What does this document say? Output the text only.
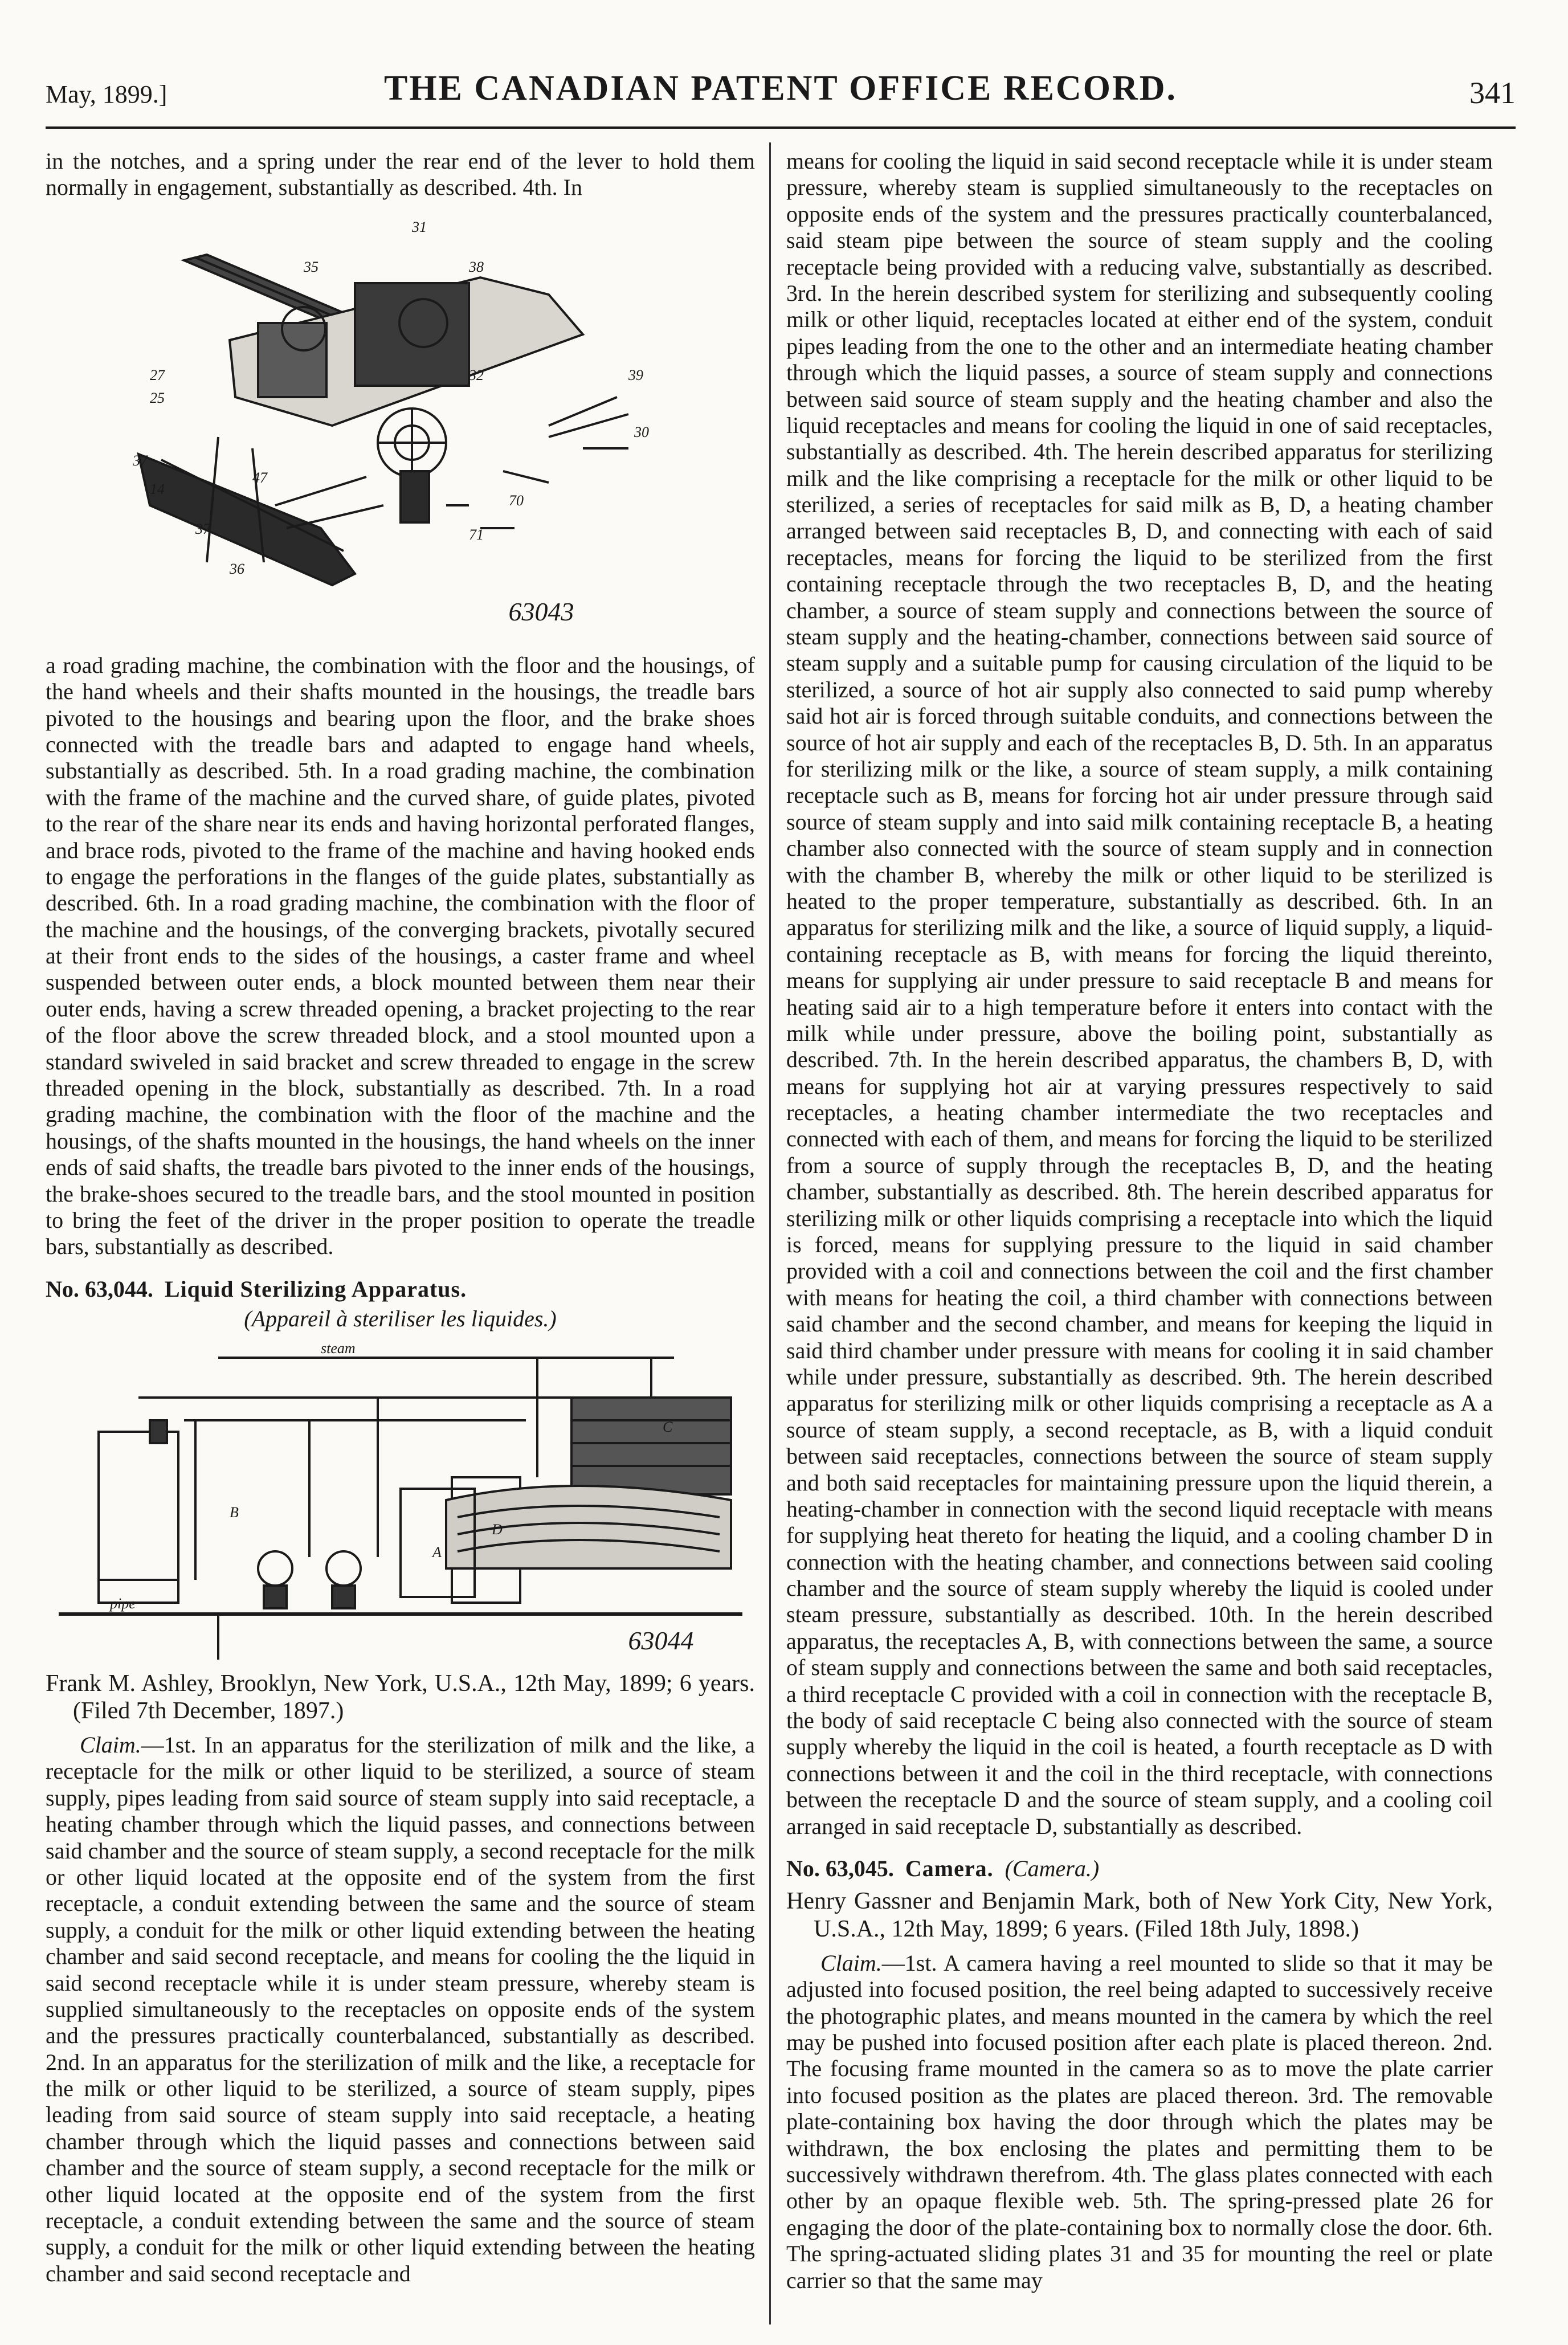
May, 1899.]	THE CANADIAN PATENT OFFICE RECORD.	341

in the notches, and a spring under the rear end of the lever to hold them normally in engagement, substantially as described. 4th. In

31
35	38
27
25
37
14
37
36
39
30
32
70
71
47
63043

a road grading machine, the combination with the floor and the housings, of the hand wheels and their shafts mounted in the housings, the treadle bars pivoted to the housings and bearing upon the floor, and the brake shoes connected with the treadle bars and adapted to engage hand wheels, substantially as described. 5th. In a road grading machine, the combination with the frame of the machine and the curved share, of guide plates, pivoted to the rear of the share near its ends and having horizontal perforated flanges, and brace rods, pivoted to the frame of the machine and having hooked ends to engage the perforations in the flanges of the guide plates, substantially as described. 6th. In a road grading machine, the combination with the floor of the machine and the housings, of the converging brackets, pivotally secured at their front ends to the sides of the housings, a caster frame and wheel suspended between outer ends, a block mounted between them near their outer ends, having a screw threaded opening, a bracket projecting to the rear of the floor above the screw threaded block, and a stool mounted upon a standard swiveled in said bracket and screw threaded to engage in the screw threaded opening in the block, substantially as described. 7th. In a road grading machine, the combination with the floor of the machine and the housings, of the shafts mounted in the housings, the hand wheels on the inner ends of said shafts, the treadle bars pivoted to the inner ends of the housings, the brake-shoes secured to the treadle bars, and the stool mounted in position to bring the feet of the driver in the proper position to operate the treadle bars, substantially as described.

No. 63,044. Liquid Sterilizing Apparatus.
(Appareil à steriliser les liquides.)
A
steam
D
C
B
pipe
63044

Frank M. Ashley, Brooklyn, New York, U.S.A., 12th May, 1899; 6 years. (Filed 7th December, 1897.)

Claim.—1st. In an apparatus for the sterilization of milk and the like, a receptacle for the milk or other liquid to be sterilized, a source of steam supply, pipes leading from said source of steam supply into said receptacle, a heating chamber through which the liquid passes, and connections between said chamber and the source of steam supply, a second receptacle for the milk or other liquid located at the opposite end of the system from the first receptacle, a conduit extending between the same and the source of steam supply, a conduit for the milk or other liquid extending between the heating chamber and said second receptacle, and means for cooling the the liquid in said second receptacle while it is under steam pressure, whereby steam is supplied simultaneously to the receptacles on opposite ends of the system and the pressures practically counterbalanced, substantially as described. 2nd. In an apparatus for the sterilization of milk and the like, a receptacle for the milk or other liquid to be sterilized, a source of steam supply, pipes leading from said source of steam supply into said receptacle, a heating chamber through which the liquid passes and connections between said chamber and the source of steam supply, a second receptacle for the milk or other liquid located at the opposite end of the system from the first receptacle, a conduit extending between the same and the source of steam supply, a conduit for the milk or other liquid extending between the heating chamber and said second receptacle and

means for cooling the liquid in said second receptacle while it is under steam pressure, whereby steam is supplied simultaneously to the receptacles on opposite ends of the system and the pressures practically counterbalanced, said steam pipe between the source of steam supply and the cooling receptacle being provided with a reducing valve, substantially as described. 3rd. In the herein described system for sterilizing and subsequently cooling milk or other liquid, receptacles located at either end of the system, conduit pipes leading from the one to the other and an intermediate heating chamber through which the liquid passes, a source of steam supply and connections between said source of steam supply and the heating chamber and also the liquid receptacles and means for cooling the liquid in one of said receptacles, substantially as described. 4th. The herein described apparatus for sterilizing milk and the like comprising a receptacle for the milk or other liquid to be sterilized, a series of receptacles for said milk as B, D, a heating chamber arranged between said receptacles B, D, and connecting with each of said receptacles, means for forcing the liquid to be sterilized from the first containing receptacle through the two receptacles B, D, and the heating chamber, a source of steam supply and connections between the source of steam supply and the heating-chamber, connections between said source of steam supply and a suitable pump for causing circulation of the liquid to be sterilized, a source of hot air supply also connected to said pump whereby said hot air is forced through suitable conduits, and connections between the source of hot air supply and each of the receptacles B, D. 5th. In an apparatus for sterilizing milk or the like, a source of steam supply, a milk containing receptacle such as B, means for forcing hot air under pressure through said source of steam supply and into said milk containing receptacle B, a heating chamber also connected with the source of steam supply and in connection with the chamber B, whereby the milk or other liquid to be sterilized is heated to the proper temperature, substantially as described. 6th. In an apparatus for sterilizing milk and the like, a source of liquid supply, a liquid-containing receptacle as B, with means for forcing the liquid thereinto, means for supplying air under pressure to said receptacle B and means for heating said air to a high temperature before it enters into contact with the milk while under pressure, above the boiling point, substantially as described. 7th. In the herein described apparatus, the chambers B, D, with means for supplying hot air at varying pressures respectively to said receptacles, a heating chamber intermediate the two receptacles and connected with each of them, and means for forcing the liquid to be sterilized from a source of supply through the receptacles B, D, and the heating chamber, substantially as described. 8th. The herein described apparatus for sterilizing milk or other liquids comprising a receptacle into which the liquid is forced, means for supplying pressure to the liquid in said chamber provided with a coil and connections between the coil and the first chamber with means for heating the coil, a third chamber with connections between said chamber and the second chamber, and means for keeping the liquid in said third chamber under pressure with means for cooling it in said chamber while under pressure, substantially as described. 9th. The herein described apparatus for sterilizing milk or other liquids comprising a receptacle as A a source of steam supply, a second receptacle, as B, with a liquid conduit between said receptacles, connections between the source of steam supply and both said receptacles for maintaining pressure upon the liquid therein, a heating-chamber in connection with the second liquid receptacle with means for supplying heat thereto for heating the liquid, and a cooling chamber D in connection with the heating chamber, and connections between said cooling chamber and the source of steam supply whereby the liquid is cooled under steam pressure, substantially as described. 10th. In the herein described apparatus, the receptacles A, B, with connections between the same, a source of steam supply and connections between the same and both said receptacles, a third receptacle C provided with a coil in connection with the receptacle B, the body of said receptacle C being also connected with the source of steam supply whereby the liquid in the coil is heated, a fourth receptacle as D with connections between it and the coil in the third receptacle, with connections between the receptacle D and the source of steam supply, and a cooling coil arranged in said receptacle D, substantially as described.

No. 63,045. Camera. (Camera.)

Henry Gassner and Benjamin Mark, both of New York City, New York, U.S.A., 12th May, 1899; 6 years. (Filed 18th July, 1898.)

Claim.—1st. A camera having a reel mounted to slide so that it may be adjusted into focused position, the reel being adapted to successively receive the photographic plates, and means mounted in the camera by which the reel may be pushed into focused position after each plate is placed thereon. 2nd. The focusing frame mounted in the camera so as to move the plate carrier into focused position as the plates are placed thereon. 3rd. The removable plate-containing box having the door through which the plates may be withdrawn, the box enclosing the plates and permitting them to be successively withdrawn therefrom. 4th. The glass plates connected with each other by an opaque flexible web. 5th. The spring-pressed plate 26 for engaging the door of the plate-containing box to normally close the door. 6th. The spring-actuated sliding plates 31 and 35 for mounting the reel or plate carrier so that the same may
